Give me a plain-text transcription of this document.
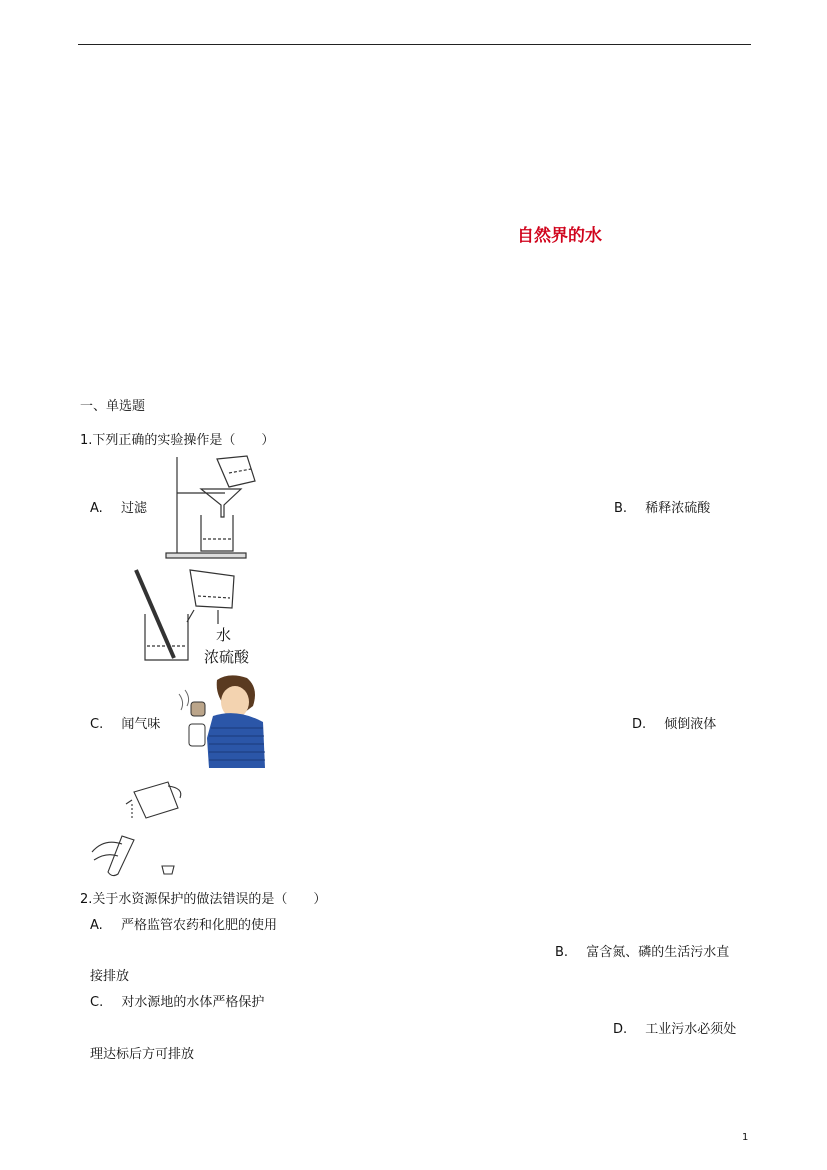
自然界的水
一、单选题
1.下列正确的实验操作是（　　）
A. 过滤	B. 稀释浓硫酸
水
浓硫酸
C. 闻气味	D. 倾倒液体
2.关于水资源保护的做法错误的是（　　）
A. 严格监管农药和化肥的使用
B. 富含氮、磷的生活污水直
接排放
C. 对水源地的水体严格保护
D. 工业污水必须处
理达标后方可排放
1
